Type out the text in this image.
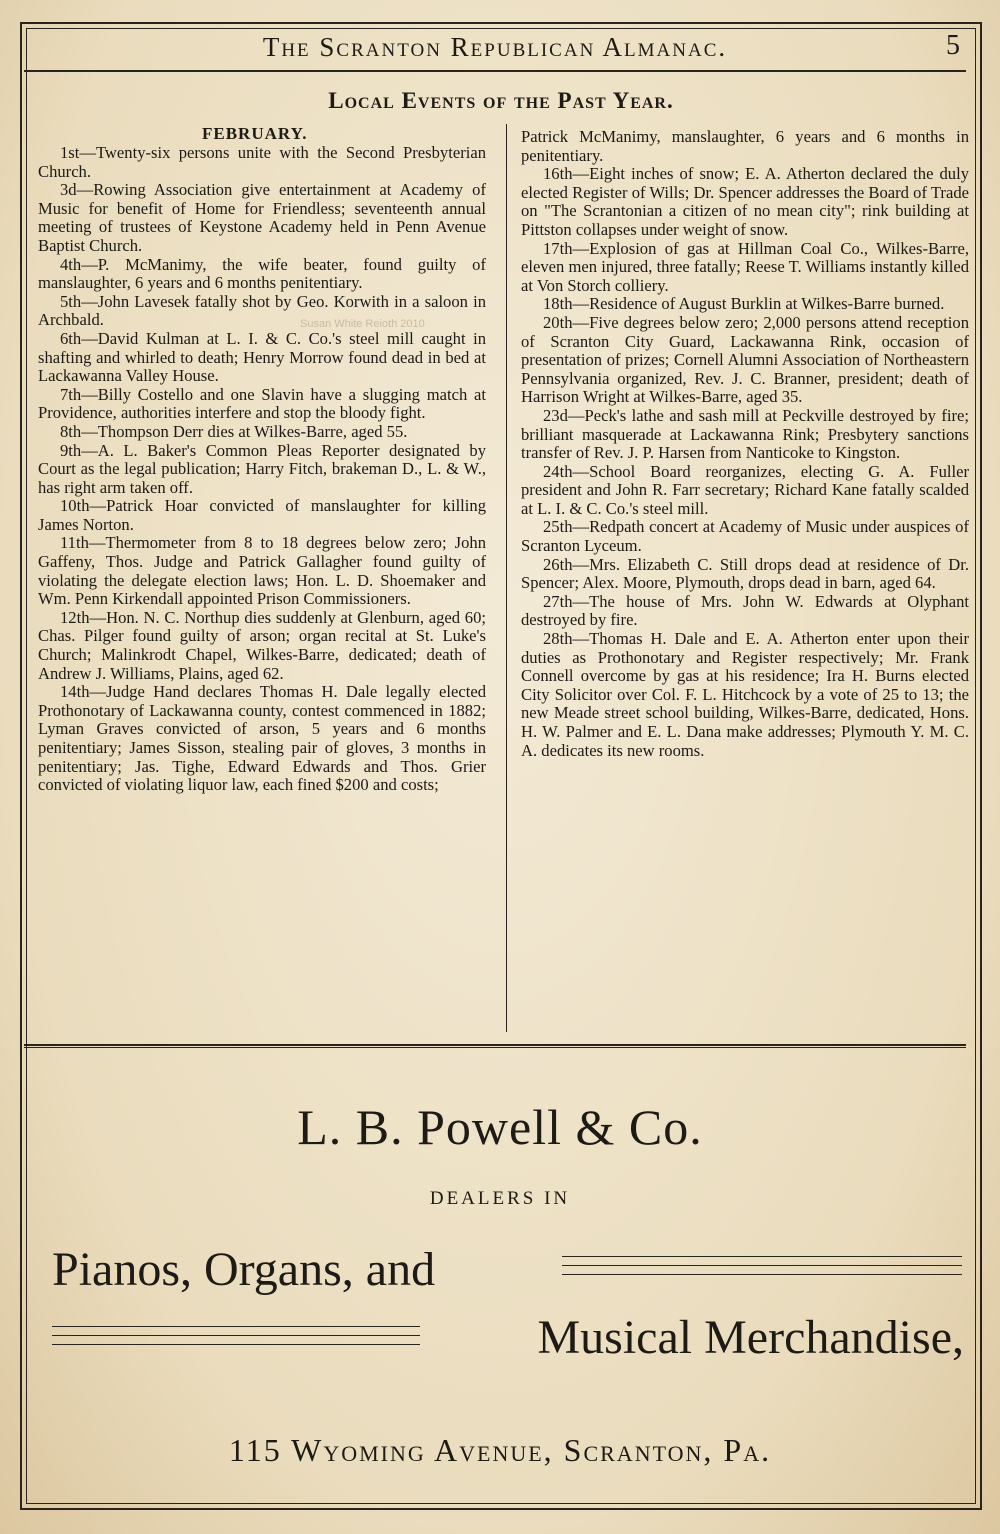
The Scranton Republican Almanac.	5
Local Events of the Past Year.
FEBRUARY.

1st—Twenty-six persons unite with the Second Presbyterian Church.

3d—Rowing Association give entertainment at Academy of Music for benefit of Home for Friendless; seventeenth annual meeting of trustees of Keystone Academy held in Penn Avenue Baptist Church.

4th—P. McManimy, the wife beater, found guilty of manslaughter, 6 years and 6 months penitentiary.

5th—John Lavesek fatally shot by Geo. Korwith in a saloon in Archbald.

6th—David Kulman at L. I. & C. Co.'s steel mill caught in shafting and whirled to death; Henry Morrow found dead in bed at Lackawanna Valley House.

7th—Billy Costello and one Slavin have a slugging match at Providence, authorities interfere and stop the bloody fight.

8th—Thompson Derr dies at Wilkes-Barre, aged 55.

9th—A. L. Baker's Common Pleas Reporter designated by Court as the legal publication; Harry Fitch, brakeman D., L. & W., has right arm taken off.

10th—Patrick Hoar convicted of manslaughter for killing James Norton.

11th—Thermometer from 8 to 18 degrees below zero; John Gaffeny, Thos. Judge and Patrick Gallagher found guilty of violating the delegate election laws; Hon. L. D. Shoemaker and Wm. Penn Kirkendall appointed Prison Commissioners.

12th—Hon. N. C. Northup dies suddenly at Glenburn, aged 60; Chas. Pilger found guilty of arson; organ recital at St. Luke's Church; Malinkrodt Chapel, Wilkes-Barre, dedicated; death of Andrew J. Williams, Plains, aged 62.

14th—Judge Hand declares Thomas H. Dale legally elected Prothonotary of Lackawanna county, contest commenced in 1882; Lyman Graves convicted of arson, 5 years and 6 months penitentiary; James Sisson, stealing pair of gloves, 3 months in penitentiary; Jas. Tighe, Edward Edwards and Thos. Grier convicted of violating liquor law, each fined $200 and costs;

Patrick McManimy, manslaughter, 6 years and 6 months in penitentiary.

16th—Eight inches of snow; E. A. Atherton declared the duly elected Register of Wills; Dr. Spencer addresses the Board of Trade on "The Scrantonian a citizen of no mean city"; rink building at Pittston collapses under weight of snow.

17th—Explosion of gas at Hillman Coal Co., Wilkes-Barre, eleven men injured, three fatally; Reese T. Williams instantly killed at Von Storch colliery.

18th—Residence of August Burklin at Wilkes-Barre burned.

20th—Five degrees below zero; 2,000 persons attend reception of Scranton City Guard, Lackawanna Rink, occasion of presentation of prizes; Cornell Alumni Association of Northeastern Pennsylvania organized, Rev. J. C. Branner, president; death of Harrison Wright at Wilkes-Barre, aged 35.

23d—Peck's lathe and sash mill at Peckville destroyed by fire; brilliant masquerade at Lackawanna Rink; Presbytery sanctions transfer of Rev. J. P. Harsen from Nanticoke to Kingston.

24th—School Board reorganizes, electing G. A. Fuller president and John R. Farr secretary; Richard Kane fatally scalded at L. I. & C. Co.'s steel mill.

25th—Redpath concert at Academy of Music under auspices of Scranton Lyceum.

26th—Mrs. Elizabeth C. Still drops dead at residence of Dr. Spencer; Alex. Moore, Plymouth, drops dead in barn, aged 64.

27th—The house of Mrs. John W. Edwards at Olyphant destroyed by fire.

28th—Thomas H. Dale and E. A. Atherton enter upon their duties as Prothonotary and Register respectively; Mr. Frank Connell overcome by gas at his residence; Ira H. Burns elected City Solicitor over Col. F. L. Hitchcock by a vote of 25 to 13; the new Meade street school building, Wilkes-Barre, dedicated, Hons. H. W. Palmer and E. L. Dana make addresses; Plymouth Y. M. C. A. dedicates its new rooms.

L. B. Powell & Co.
DEALERS IN
Pianos, Organs, and
Musical Merchandise,
115 Wyoming Avenue, Scranton, Pa.
Susan White Reioth 2010
